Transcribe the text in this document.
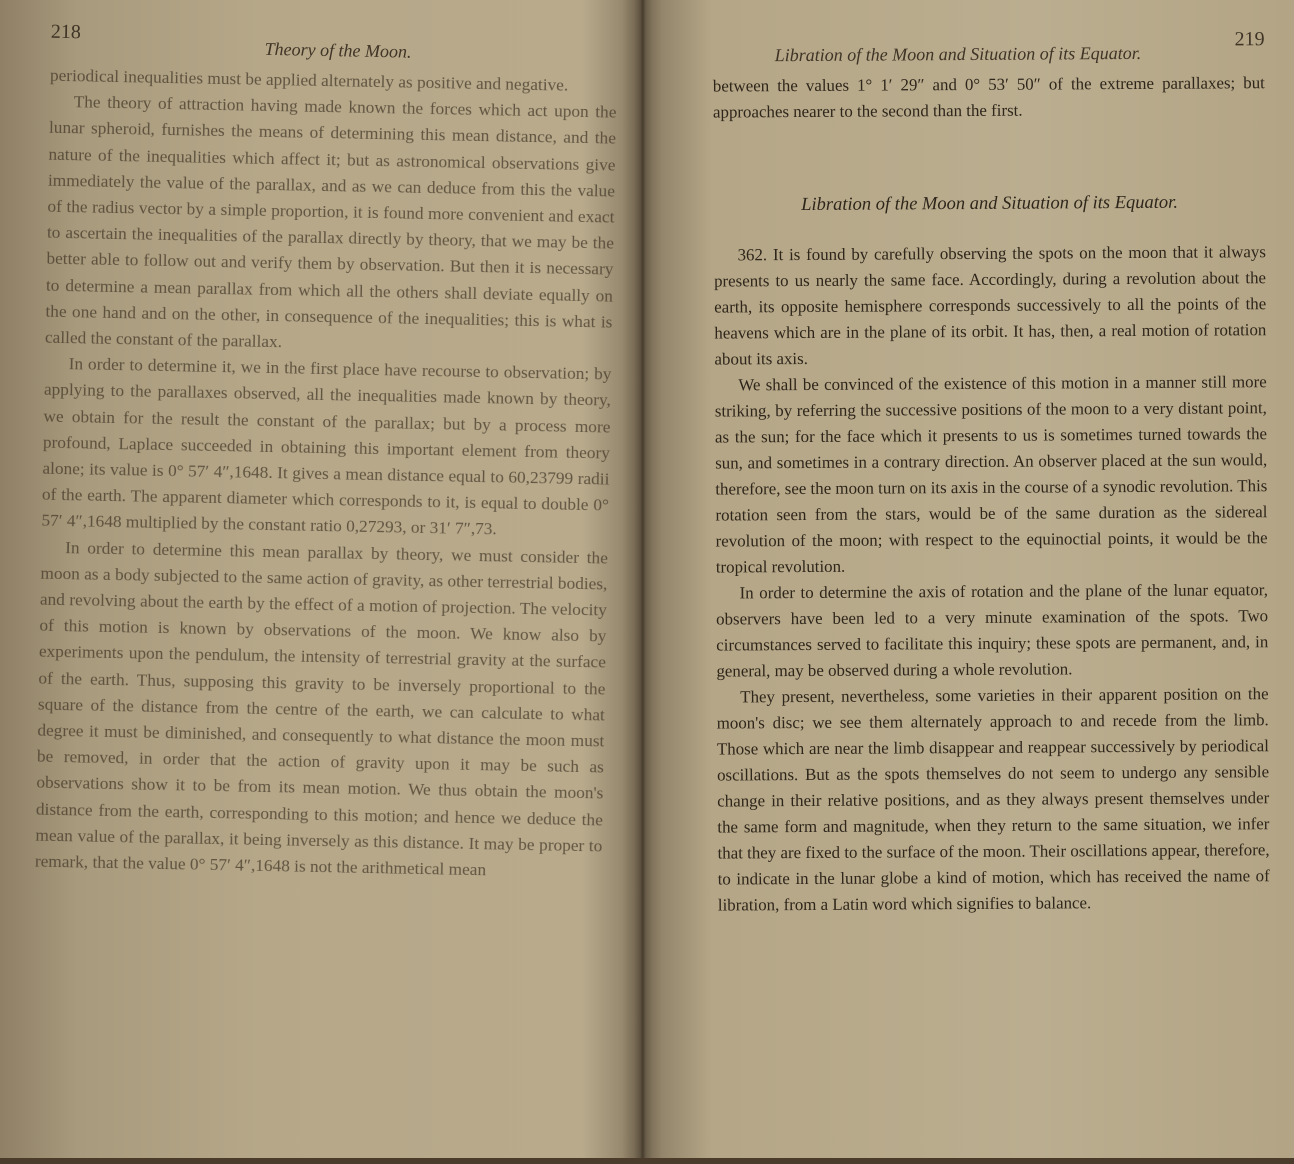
218
Theory of the Moon.

periodical inequalities must be applied alternately as positive and negative.

The theory of attraction having made known the forces which act upon the lunar spheroid, furnishes the means of determining this mean distance, and the nature of the inequalities which affect it; but as astronomical observations give immediately the value of the parallax, and as we can deduce from this the value of the radius vector by a simple proportion, it is found more convenient and exact to ascertain the inequalities of the parallax directly by theory, that we may be the better able to follow out and verify them by observation. But then it is necessary to determine a mean parallax from which all the others shall deviate equally on the one hand and on the other, in consequence of the inequalities; this is what is called the constant of the parallax.

In order to determine it, we in the first place have recourse to observation; by applying to the parallaxes observed, all the inequalities made known by theory, we obtain for the result the constant of the parallax; but by a process more profound, Laplace succeeded in obtaining this important element from theory alone; its value is 0° 57′ 4″,1648. It gives a mean distance equal to 60,23799 radii of the earth. The apparent diameter which corresponds to it, is equal to double 0° 57′ 4″,1648 multiplied by the constant ratio 0,27293, or 31′ 7″,73.

In order to determine this mean parallax by theory, we must consider the moon as a body subjected to the same action of gravity, as other terrestrial bodies, and revolving about the earth by the effect of a motion of projection. The velocity of this motion is known by observations of the moon. We know also by experiments upon the pendulum, the intensity of terrestrial gravity at the surface of the earth. Thus, supposing this gravity to be inversely proportional to the square of the distance from the centre of the earth, we can calculate to what degree it must be diminished, and consequently to what distance the moon must be removed, in order that the action of gravity upon it may be such as observations show it to be from its mean motion. We thus obtain the moon's distance from the earth, corresponding to this motion; and hence we deduce the mean value of the parallax, it being inversely as this distance. It may be proper to remark, that the value 0° 57′ 4″,1648 is not the arithmetical mean

Libration of the Moon and Situation of its Equator.
219

between the values 1° 1′ 29″ and 0° 53′ 50″ of the extreme parallaxes; but approaches nearer to the second than the first.

Libration of the Moon and Situation of its Equator.

362. It is found by carefully observing the spots on the moon that it always presents to us nearly the same face. Accordingly, during a revolution about the earth, its opposite hemisphere corresponds successively to all the points of the heavens which are in the plane of its orbit. It has, then, a real motion of rotation about its axis.

We shall be convinced of the existence of this motion in a manner still more striking, by referring the successive positions of the moon to a very distant point, as the sun; for the face which it presents to us is sometimes turned towards the sun, and sometimes in a contrary direction. An observer placed at the sun would, therefore, see the moon turn on its axis in the course of a synodic revolution. This rotation seen from the stars, would be of the same duration as the sidereal revolution of the moon; with respect to the equinoctial points, it would be the tropical revolution.

In order to determine the axis of rotation and the plane of the lunar equator, observers have been led to a very minute examination of the spots. Two circumstances served to facilitate this inquiry; these spots are permanent, and, in general, may be observed during a whole revolution.

They present, nevertheless, some varieties in their apparent position on the moon's disc; we see them alternately approach to and recede from the limb. Those which are near the limb disappear and reappear successively by periodical oscillations. But as the spots themselves do not seem to undergo any sensible change in their relative positions, and as they always present themselves under the same form and magnitude, when they return to the same situation, we infer that they are fixed to the surface of the moon. Their oscillations appear, therefore, to indicate in the lunar globe a kind of motion, which has received the name of libration, from a Latin word which signifies to balance.
